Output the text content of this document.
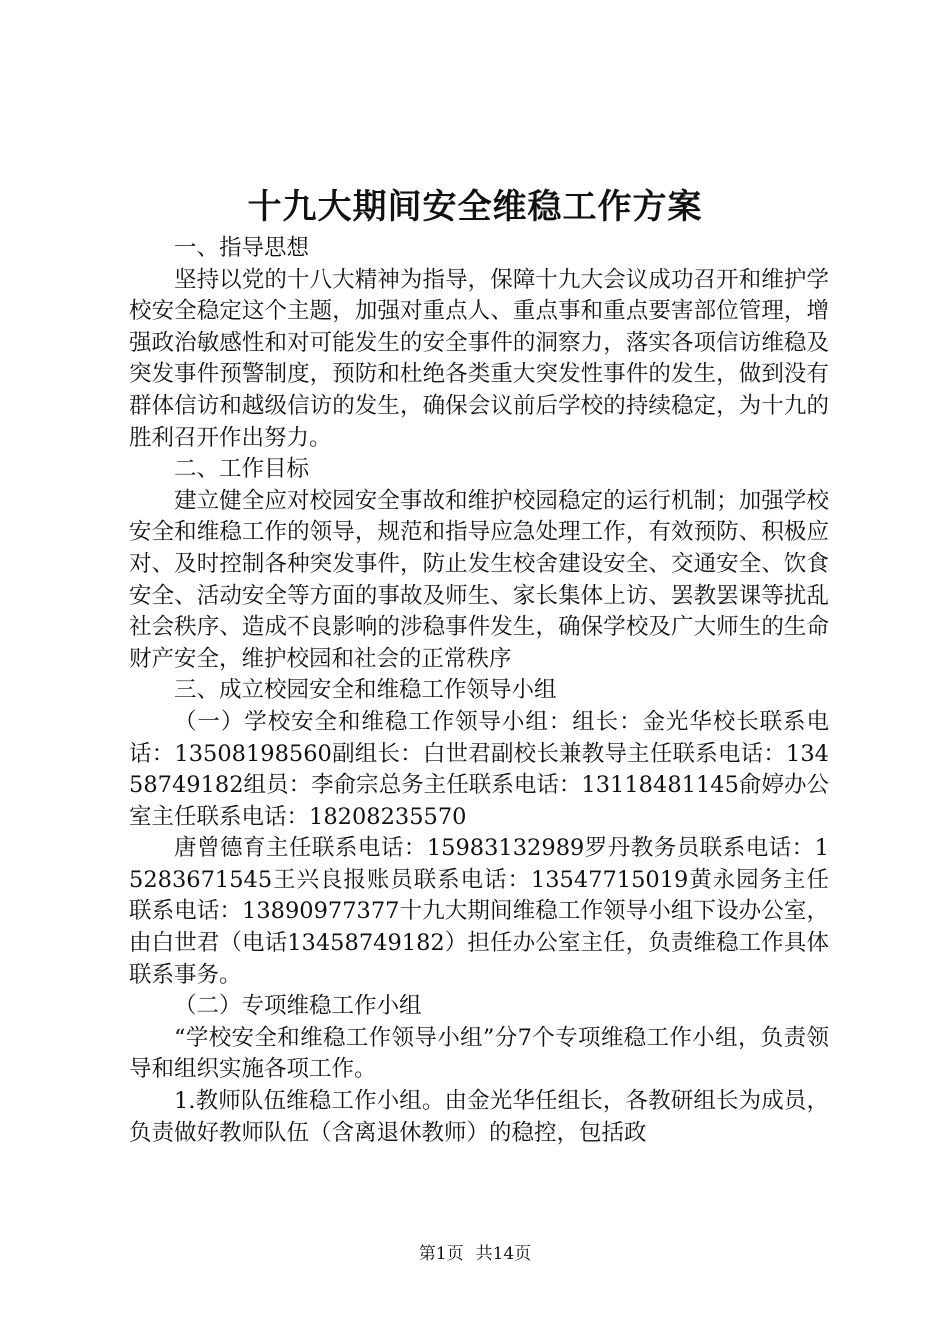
十九大期间安全维稳工作方案

一、指导思想

坚持以党的十八大精神为指导，保障十九大会议成功召开和维护学校安全稳定这个主题，加强对重点人、重点事和重点要害部位管理，增强政治敏感性和对可能发生的安全事件的洞察力，落实各项信访维稳及突发事件预警制度，预防和杜绝各类重大突发性事件的发生，做到没有群体信访和越级信访的发生，确保会议前后学校的持续稳定，为十九的胜利召开作出努力。

二、工作目标

建立健全应对校园安全事故和维护校园稳定的运行机制；加强学校安全和维稳工作的领导，规范和指导应急处理工作，有效预防、积极应对、及时控制各种突发事件，防止发生校舍建设安全、交通安全、饮食安全、活动安全等方面的事故及师生、家长集体上访、罢教罢课等扰乱社会秩序、造成不良影响的涉稳事件发生，确保学校及广大师生的生命财产安全，维护校园和社会的正常秩序

三、成立校园安全和维稳工作领导小组

（一）学校安全和维稳工作领导小组：组长：金光华校长联系电话：13508198560副组长：白世君副校长兼教导主任联系电话：13458749182组员：李俞宗总务主任联系电话：13118481145俞婷办公室主任联系电话：18208235570

唐曾德育主任联系电话：15983132989罗丹教务员联系电话：15283671545王兴良报账员联系电话：13547715019黄永园务主任联系电话：13890977377十九大期间维稳工作领导小组下设办公室，由白世君（电话13458749182）担任办公室主任，负责维稳工作具体联系事务。

（二）专项维稳工作小组

“学校安全和维稳工作领导小组”分7个专项维稳工作小组，负责领导和组织实施各项工作。

1.教师队伍维稳工作小组。由金光华任组长，各教研组长为成员，负责做好教师队伍（含离退休教师）的稳控，包括政

第1页 共14页
